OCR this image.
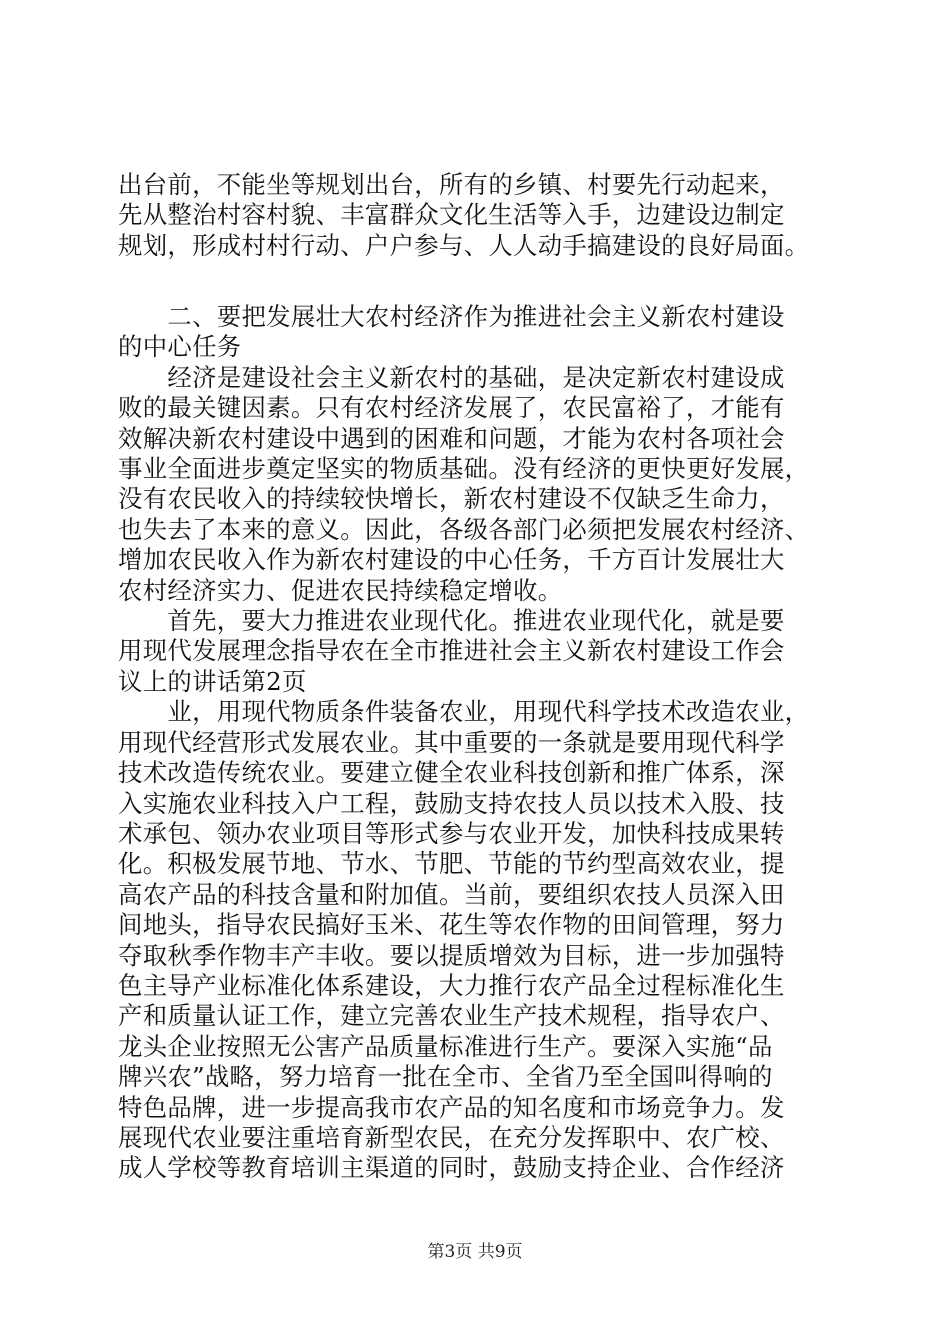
出台前，不能坐等规划出台，所有的乡镇、村要先行动起来，
先从整治村容村貌、丰富群众文化生活等入手，边建设边制定
规划，形成村村行动、户户参与、人人动手搞建设的良好局面。
　　二、要把发展壮大农村经济作为推进社会主义新农村建设
的中心任务
　　经济是建设社会主义新农村的基础，是决定新农村建设成
败的最关键因素。只有农村经济发展了，农民富裕了，才能有
效解决新农村建设中遇到的困难和问题，才能为农村各项社会
事业全面进步奠定坚实的物质基础。没有经济的更快更好发展，
没有农民收入的持续较快增长，新农村建设不仅缺乏生命力，
也失去了本来的意义。因此，各级各部门必须把发展农村经济、
增加农民收入作为新农村建设的中心任务，千方百计发展壮大
农村经济实力、促进农民持续稳定增收。
　　首先，要大力推进农业现代化。推进农业现代化，就是要
用现代发展理念指导农在全市推进社会主义新农村建设工作会
议上的讲话第2页
　　业，用现代物质条件装备农业，用现代科学技术改造农业，
用现代经营形式发展农业。其中重要的一条就是要用现代科学
技术改造传统农业。要建立健全农业科技创新和推广体系，深
入实施农业科技入户工程，鼓励支持农技人员以技术入股、技
术承包、领办农业项目等形式参与农业开发，加快科技成果转
化。积极发展节地、节水、节肥、节能的节约型高效农业，提
高农产品的科技含量和附加值。当前，要组织农技人员深入田
间地头，指导农民搞好玉米、花生等农作物的田间管理，努力
夺取秋季作物丰产丰收。要以提质增效为目标，进一步加强特
色主导产业标准化体系建设，大力推行农产品全过程标准化生
产和质量认证工作，建立完善农业生产技术规程，指导农户、
龙头企业按照无公害产品质量标准进行生产。要深入实施“品
牌兴农”战略，努力培育一批在全市、全省乃至全国叫得响的
特色品牌，进一步提高我市农产品的知名度和市场竞争力。发
展现代农业要注重培育新型农民，在充分发挥职中、农广校、
成人学校等教育培训主渠道的同时，鼓励支持企业、合作经济
第3页 共9页
